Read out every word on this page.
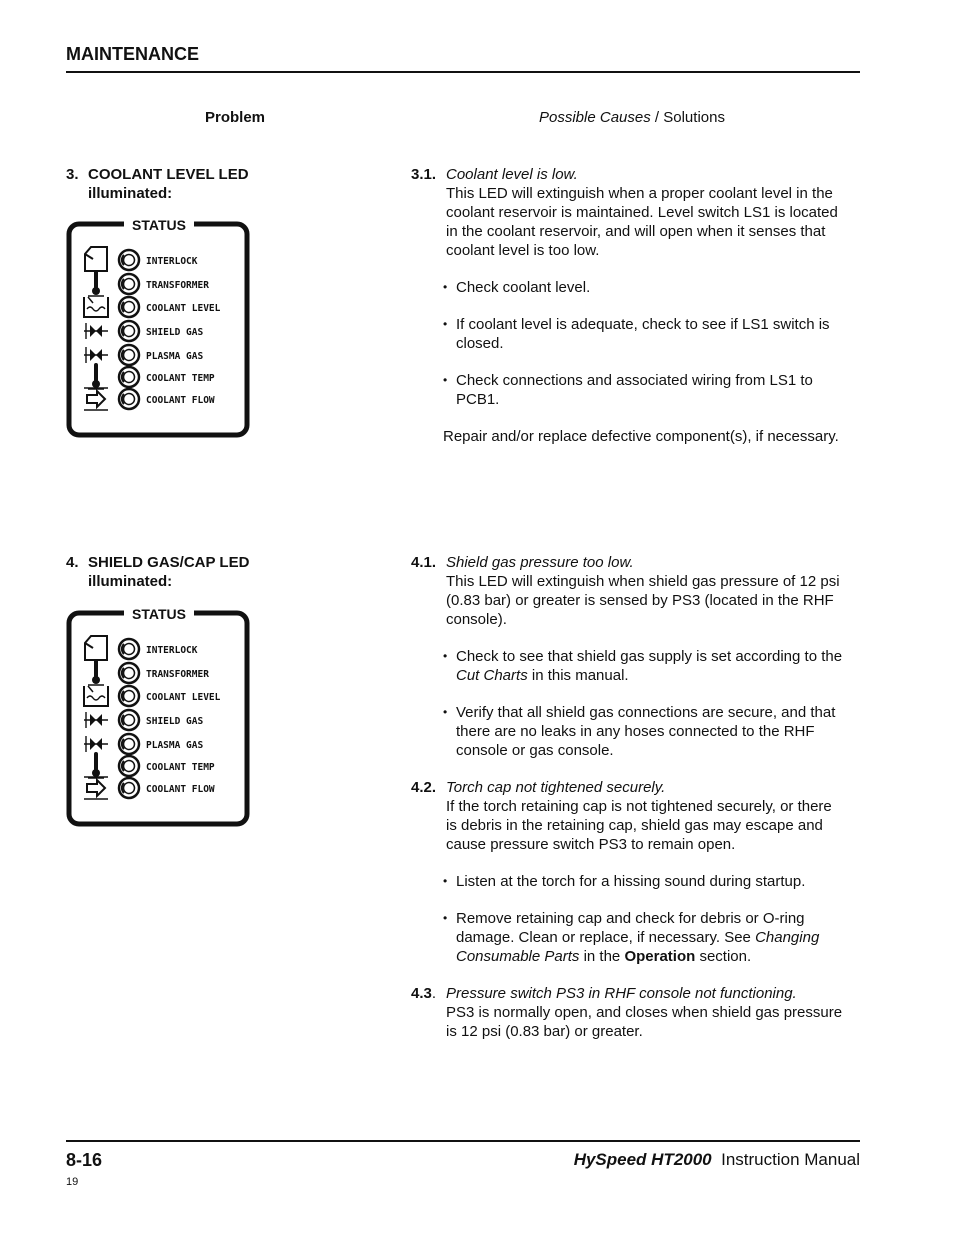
MAINTENANCE
Problem	Possible Causes / Solutions
3. COOLANT LEVEL LED
illuminated:
STATUS
INTERLOCK
TRANSFORMER
COOLANT LEVEL
SHIELD GAS
PLASMA GAS
COOLANT TEMP
COOLANT FLOW
3.1. Coolant level is low.
This LED will extinguish when a proper coolant level in the
coolant reservoir is maintained. Level switch LS1 is located
in the coolant reservoir, and will open when it senses that
coolant level is too low.
• Check coolant level.
• If coolant level is adequate, check to see if LS1 switch is
closed.
• Check connections and associated wiring from LS1 to
PCB1.
Repair and/or replace defective component(s), if necessary.
4. SHIELD GAS/CAP LED
illuminated:
STATUS
INTERLOCK
TRANSFORMER
COOLANT LEVEL
SHIELD GAS
PLASMA GAS
COOLANT TEMP
COOLANT FLOW
4.1. Shield gas pressure too low.
This LED will extinguish when shield gas pressure of 12 psi
(0.83 bar) or greater is sensed by PS3 (located in the RHF
console).
• Check to see that shield gas supply is set according to the
Cut Charts in this manual.
• Verify that all shield gas connections are secure, and that
there are no leaks in any hoses connected to the RHF
console or gas console.
4.2. Torch cap not tightened securely.
If the torch retaining cap is not tightened securely, or there
is debris in the retaining cap, shield gas may escape and
cause pressure switch PS3 to remain open.
• Listen at the torch for a hissing sound during startup.
• Remove retaining cap and check for debris or O-ring
damage. Clean or replace, if necessary. See Changing
Consumable Parts in the Operation section.
4.3. Pressure switch PS3 in RHF console not functioning.
PS3 is normally open, and closes when shield gas pressure
is 12 psi (0.83 bar) or greater.
8-16	HySpeed HT2000 Instruction Manual
19
